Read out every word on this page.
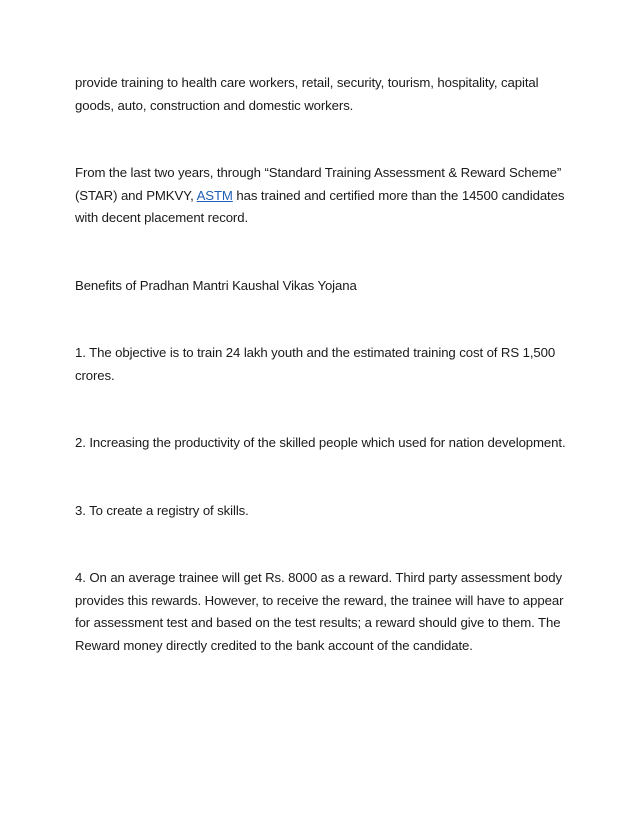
provide training to health care workers, retail, security, tourism, hospitality, capital goods, auto, construction and domestic workers.

From the last two years, through “Standard Training Assessment & Reward Scheme” (STAR) and PMKVY, ASTM has trained and certified more than the 14500 candidates with decent placement record.

Benefits of Pradhan Mantri Kaushal Vikas Yojana

1. The objective is to train 24 lakh youth and the estimated training cost of RS 1,500 crores.

2. Increasing the productivity of the skilled people which used for nation development.

3. To create a registry of skills.

4. On an average trainee will get Rs. 8000 as a reward. Third party assessment body provides this rewards. However, to receive the reward, the trainee will have to appear for assessment test and based on the test results; a reward should give to them. The Reward money directly credited to the bank account of the candidate.
